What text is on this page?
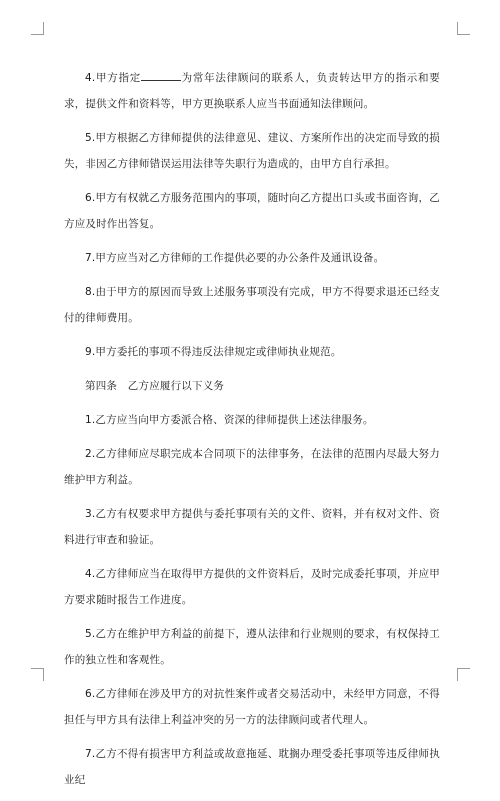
4.甲方指定	为常年法律顾问的联系人，负责转达甲方的指示和要求，提供文件和资料等，甲方更换联系人应当书面通知法律顾问。

5.甲方根据乙方律师提供的法律意见、建议、方案所作出的决定而导致的损失，非因乙方律师错误运用法律等失职行为造成的，由甲方自行承担。

6.甲方有权就乙方服务范围内的事项，随时向乙方提出口头或书面咨询，乙方应及时作出答复。

7.甲方应当对乙方律师的工作提供必要的办公条件及通讯设备。

8.由于甲方的原因而导致上述服务事项没有完成，甲方不得要求退还已经支付的律师费用。

9.甲方委托的事项不得违反法律规定或律师执业规范。

第四条　乙方应履行以下义务

1.乙方应当向甲方委派合格、资深的律师提供上述法律服务。

2.乙方律师应尽职完成本合同项下的法律事务，在法律的范围内尽最大努力维护甲方利益。

3.乙方有权要求甲方提供与委托事项有关的文件、资料，并有权对文件、资料进行审查和验证。

4.乙方律师应当在取得甲方提供的文件资料后，及时完成委托事项，并应甲方要求随时报告工作进度。

5.乙方在维护甲方利益的前提下，遵从法律和行业规则的要求，有权保持工作的独立性和客观性。

6.乙方律师在涉及甲方的对抗性案件或者交易活动中，未经甲方同意，不得担任与甲方具有法律上利益冲突的另一方的法律顾问或者代理人。

7.乙方不得有损害甲方利益或故意拖延、耽搁办理受委托事项等违反律师执业纪
